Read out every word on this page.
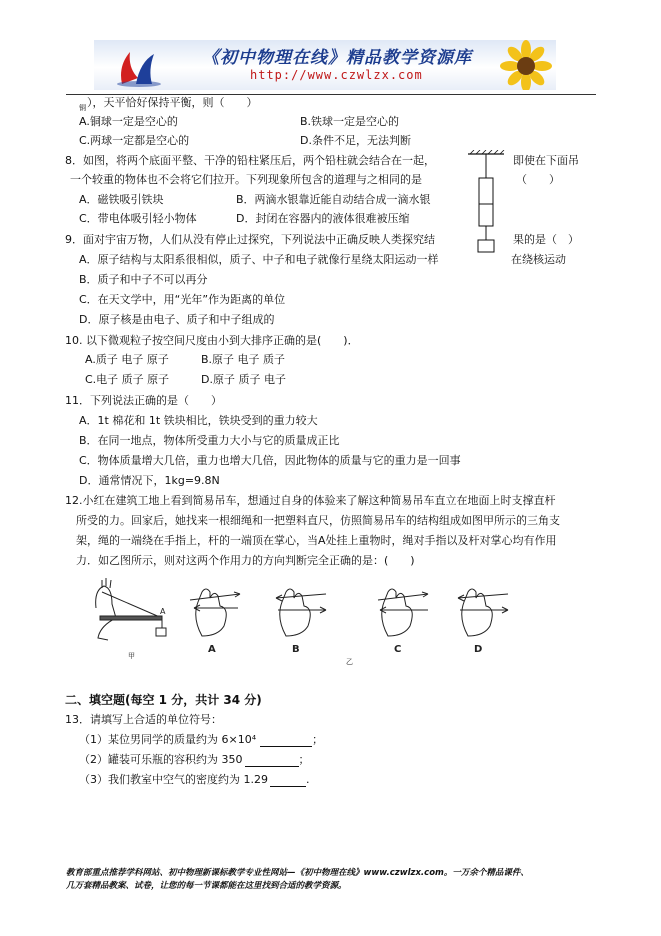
《初中物理在线》精品教学资源库
http://www.czwlzx.com
铜 ），天平恰好保持平衡，则（　　）
A.铜球一定是空心的	B.铁球一定是空心的
C.两球一定都是空心的	D.条件不足，无法判断
8．如图，将两个底面平整、干净的铅柱紧压后，两个铅柱就会结合在一起，	即使在下面吊
一个较重的物体也不会将它们拉开。下列现象所包含的道理与之相同的是	（　　）
A．磁铁吸引铁块	B．两滴水银靠近能自动结合成一滴水银
C．带电体吸引轻小物体	D．封闭在容器内的液体很难被压缩
9．面对宇宙万物，人们从没有停止过探究，下列说法中正确反映人类探究结	果的是（　）
A．原子结构与太阳系很相似，质子、中子和电子就像行星绕太阳运动一样	在绕核运动
B．质子和中子不可以再分
C．在天文学中，用“光年”作为距离的单位
D．原子核是由电子、质子和中子组成的
10. 以下微观粒子按空间尺度由小到大排序正确的是(　　)．
A.质子 电子 原子	B.原子 电子 质子
C.电子 质子 原子	D.原子 质子 电子
11．下列说法正确的是（　　）
A．1t 棉花和 1t 铁块相比，铁块受到的重力较大
B．在同一地点，物体所受重力大小与它的质量成正比
C．物体质量增大几倍，重力也增大几倍，因此物体的质量与它的重力是一回事
D．通常情况下，1kg=9.8N
12.小红在建筑工地上看到简易吊车，想通过自身的体验来了解这种简易吊车直立在地面上时支撑直杆
所受的力。回家后，她找来一根细绳和一把塑料直尺，仿照简易吊车的结构组成如图甲所示的三角支
架，绳的一端绕在手指上，杆的一端顶在掌心，当A处挂上重物时，绳对手指以及杆对掌心均有作用
力．如乙图所示，则对这两个作用力的方向判断完全正确的是：(　　)
A
甲
A	B	C	D
乙
二、填空题(每空 1 分，共计 34 分)
13．请填写上合适的单位符号：
（1）某位男同学的质量约为 6×10⁴	；
（2）罐装可乐瓶的容积约为 350	；
（3）我们教室中空气的密度约为 1.29	.
教育部重点推荐学科网站、初中物理新课标教学专业性网站—《初中物理在线》www.czwlzx.com。一万余个精品课件、
几万套精品教案、试卷，让您的每一节课都能在这里找到合适的教学资源。
